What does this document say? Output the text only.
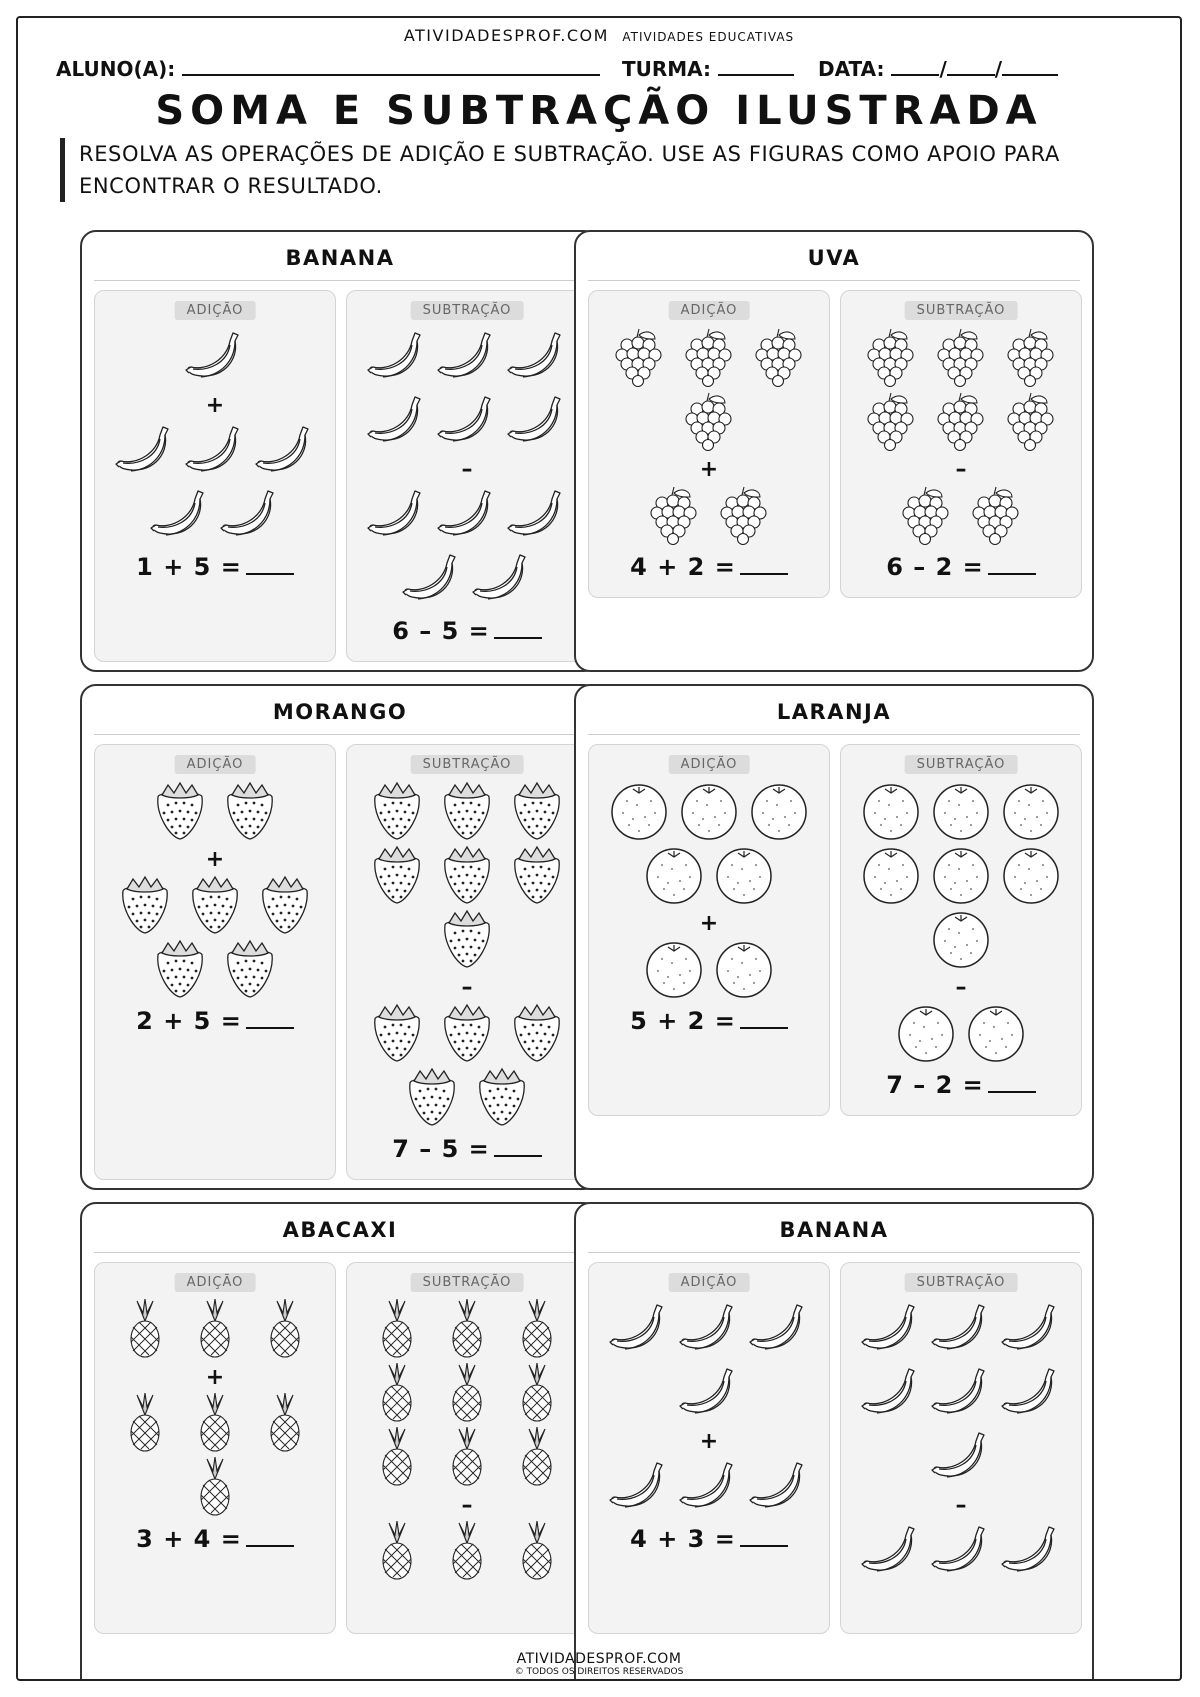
ATIVIDADESPROF.COM ATIVIDADES EDUCATIVAS
ALUNO(A):	TURMA:	DATA:	/ /
SOMA E SUBTRAÇÃO ILUSTRADA
RESOLVA AS OPERAÇÕES DE ADIÇÃO E SUBTRAÇÃO. USE AS FIGURAS COMO APOIO PARA ENCONTRAR O RESULTADO.
BANANA
ADIÇÃO
+
1 + 5 =
SUBTRAÇÃO
–
6 – 5 =
UVA
ADIÇÃO
+
4 + 2 =
SUBTRAÇÃO
–
6 – 2 =
MORANGO
ADIÇÃO
+
2 + 5 =
SUBTRAÇÃO
–
7 – 5 =
LARANJA
ADIÇÃO
+
5 + 2 =
SUBTRAÇÃO
–
7 – 2 =
ABACAXI
ADIÇÃO
+
3 + 4 =
SUBTRAÇÃO
–
BANANA
ADIÇÃO
+
4 + 3 =
SUBTRAÇÃO
–
ATIVIDADESPROF.COM
© TODOS OS DIREITOS RESERVADOS
